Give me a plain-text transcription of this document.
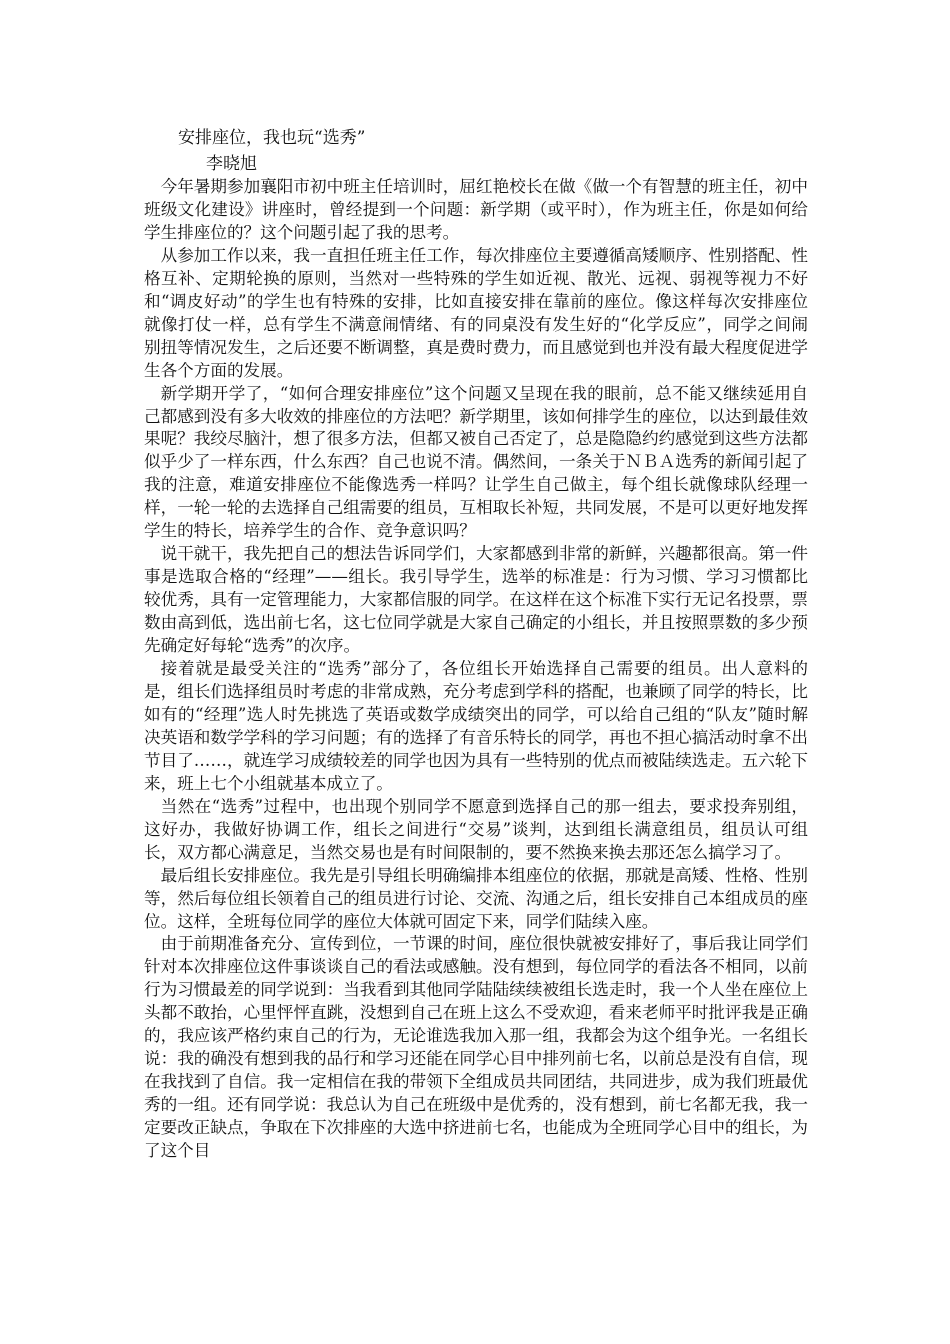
安排座位，我也玩“选秀”
李晓旭

今年暑期参加襄阳市初中班主任培训时，屈红艳校长在做《做一个有智慧的班主任，初中班级文化建设》讲座时，曾经提到一个问题：新学期（或平时），作为班主任，你是如何给学生排座位的？这个问题引起了我的思考。

从参加工作以来，我一直担任班主任工作，每次排座位主要遵循高矮顺序、性别搭配、性格互补、定期轮换的原则，当然对一些特殊的学生如近视、散光、远视、弱视等视力不好和“调皮好动”的学生也有特殊的安排，比如直接安排在靠前的座位。像这样每次安排座位就像打仗一样，总有学生不满意闹情绪、有的同桌没有发生好的“化学反应”，同学之间闹别扭等情况发生，之后还要不断调整，真是费时费力，而且感觉到也并没有最大程度促进学生各个方面的发展。

新学期开学了，“如何合理安排座位”这个问题又呈现在我的眼前，总不能又继续延用自己都感到没有多大收效的排座位的方法吧？新学期里，该如何排学生的座位，以达到最佳效果呢？我绞尽脑汁，想了很多方法，但都又被自己否定了，总是隐隐约约感觉到这些方法都似乎少了一样东西，什么东西？自己也说不清。偶然间，一条关于ＮＢＡ选秀的新闻引起了我的注意，难道安排座位不能像选秀一样吗？让学生自己做主，每个组长就像球队经理一样，一轮一轮的去选择自己组需要的组员，互相取长补短，共同发展，不是可以更好地发挥学生的特长，培养学生的合作、竞争意识吗？

说干就干，我先把自己的想法告诉同学们，大家都感到非常的新鲜，兴趣都很高。第一件事是选取合格的“经理”——组长。我引导学生，选举的标准是：行为习惯、学习习惯都比较优秀，具有一定管理能力，大家都信服的同学。在这样在这个标准下实行无记名投票，票数由高到低，选出前七名，这七位同学就是大家自己确定的小组长，并且按照票数的多少预先确定好每轮“选秀”的次序。

接着就是最受关注的“选秀”部分了，各位组长开始选择自己需要的组员。出人意料的是，组长们选择组员时考虑的非常成熟，充分考虑到学科的搭配，也兼顾了同学的特长，比如有的“经理”选人时先挑选了英语或数学成绩突出的同学，可以给自己组的“队友”随时解决英语和数学学科的学习问题；有的选择了有音乐特长的同学，再也不担心搞活动时拿不出节目了……，就连学习成绩较差的同学也因为具有一些特别的优点而被陆续选走。五六轮下来，班上七个小组就基本成立了。

当然在“选秀”过程中，也出现个别同学不愿意到选择自己的那一组去，要求投奔别组，这好办，我做好协调工作，组长之间进行“交易”谈判，达到组长满意组员，组员认可组长，双方都心满意足，当然交易也是有时间限制的，要不然换来换去那还怎么搞学习了。

最后组长安排座位。我先是引导组长明确编排本组座位的依据，那就是高矮、性格、性别等，然后每位组长领着自己的组员进行讨论、交流、沟通之后，组长安排自己本组成员的座位。这样，全班每位同学的座位大体就可固定下来，同学们陆续入座。

由于前期准备充分、宣传到位，一节课的时间，座位很快就被安排好了，事后我让同学们针对本次排座位这件事谈谈自己的看法或感触。没有想到，每位同学的看法各不相同，以前行为习惯最差的同学说到：当我看到其他同学陆陆续续被组长选走时，我一个人坐在座位上头都不敢抬，心里怦怦直跳，没想到自己在班上这么不受欢迎，看来老师平时批评我是正确的，我应该严格约束自己的行为，无论谁选我加入那一组，我都会为这个组争光。一名组长说：我的确没有想到我的品行和学习还能在同学心目中排列前七名，以前总是没有自信，现在我找到了自信。我一定相信在我的带领下全组成员共同团结，共同进步，成为我们班最优秀的一组。还有同学说：我总认为自己在班级中是优秀的，没有想到，前七名都无我，我一定要改正缺点，争取在下次排座的大选中挤进前七名，也能成为全班同学心目中的组长，为了这个目
